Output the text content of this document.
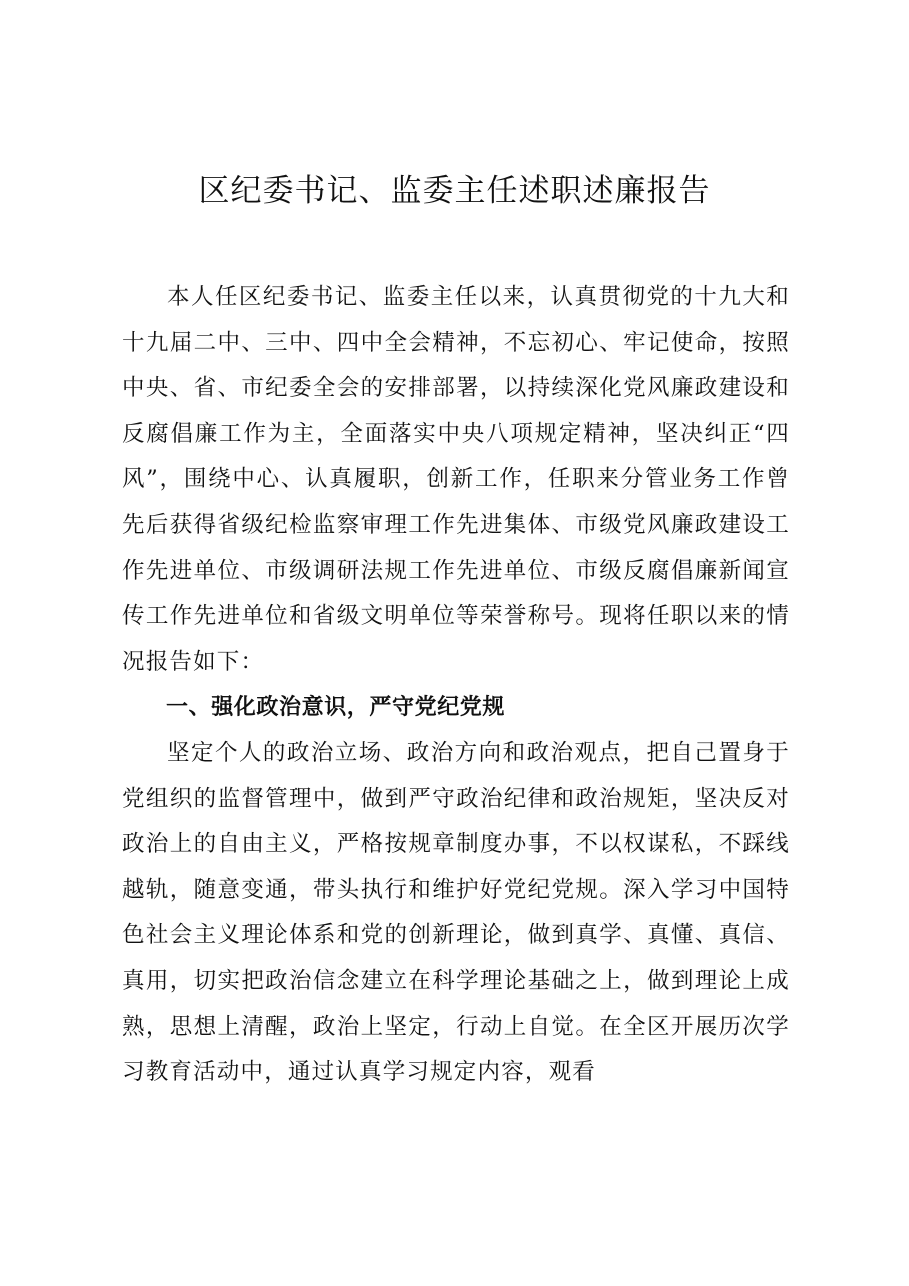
区纪委书记、监委主任述职述廉报告

本人任区纪委书记、监委主任以来，认真贯彻党的十九大和十九届二中、三中、四中全会精神，不忘初心、牢记使命，按照中央、省、市纪委全会的安排部署，以持续深化党风廉政建设和反腐倡廉工作为主，全面落实中央八项规定精神，坚决纠正“四风”，围绕中心、认真履职，创新工作，任职来分管业务工作曾先后获得省级纪检监察审理工作先进集体、市级党风廉政建设工作先进单位、市级调研法规工作先进单位、市级反腐倡廉新闻宣传工作先进单位和省级文明单位等荣誉称号。现将任职以来的情况报告如下：

一、强化政治意识，严守党纪党规

坚定个人的政治立场、政治方向和政治观点，把自己置身于党组织的监督管理中，做到严守政治纪律和政治规矩，坚决反对政治上的自由主义，严格按规章制度办事，不以权谋私，不踩线越轨，随意变通，带头执行和维护好党纪党规。深入学习中国特色社会主义理论体系和党的创新理论，做到真学、真懂、真信、真用，切实把政治信念建立在科学理论基础之上，做到理论上成熟，思想上清醒，政治上坚定，行动上自觉。在全区开展历次学习教育活动中，通过认真学习规定内容，观看
